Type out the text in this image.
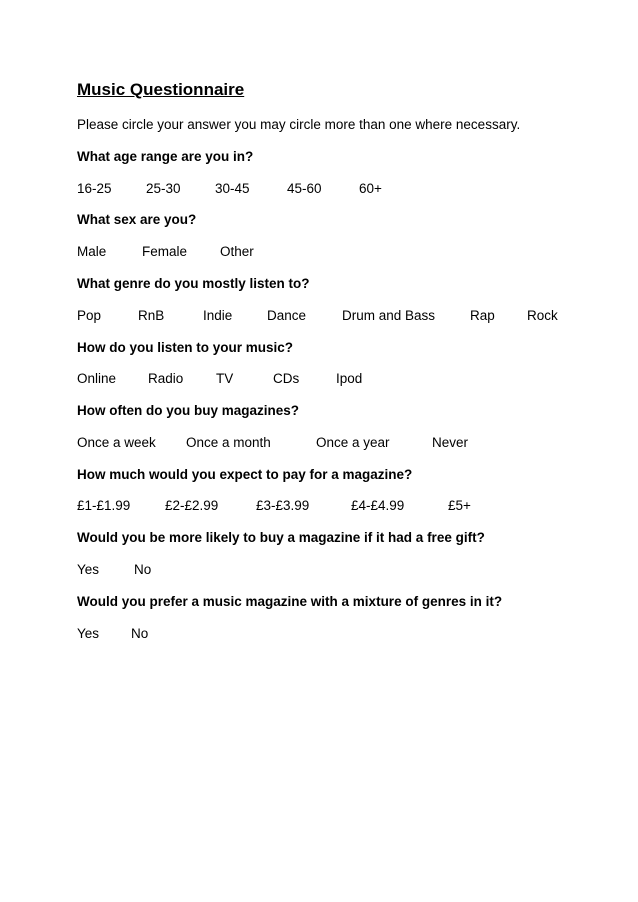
Music Questionnaire
Please circle your answer you may circle more than one where necessary.
What age range are you in?
16-25	25-30	30-45	45-60	60+
What sex are you?
Male	Female Other
What genre do you mostly listen to?
Pop	RnB	Indie	Dance	Drum and Bass	Rap Rock
How do you listen to your music?
Online Radio TV	CDs	Ipod
How often do you buy magazines?
Once a week Once a month	Once a year	Never
How much would you expect to pay for a magazine?
£1-£1.99	£2-£2.99	£3-£3.99	£4-£4.99	£5+
Would you be more likely to buy a magazine if it had a free gift?
Yes	No
Would you prefer a music magazine with a mixture of genres in it?
Yes No
